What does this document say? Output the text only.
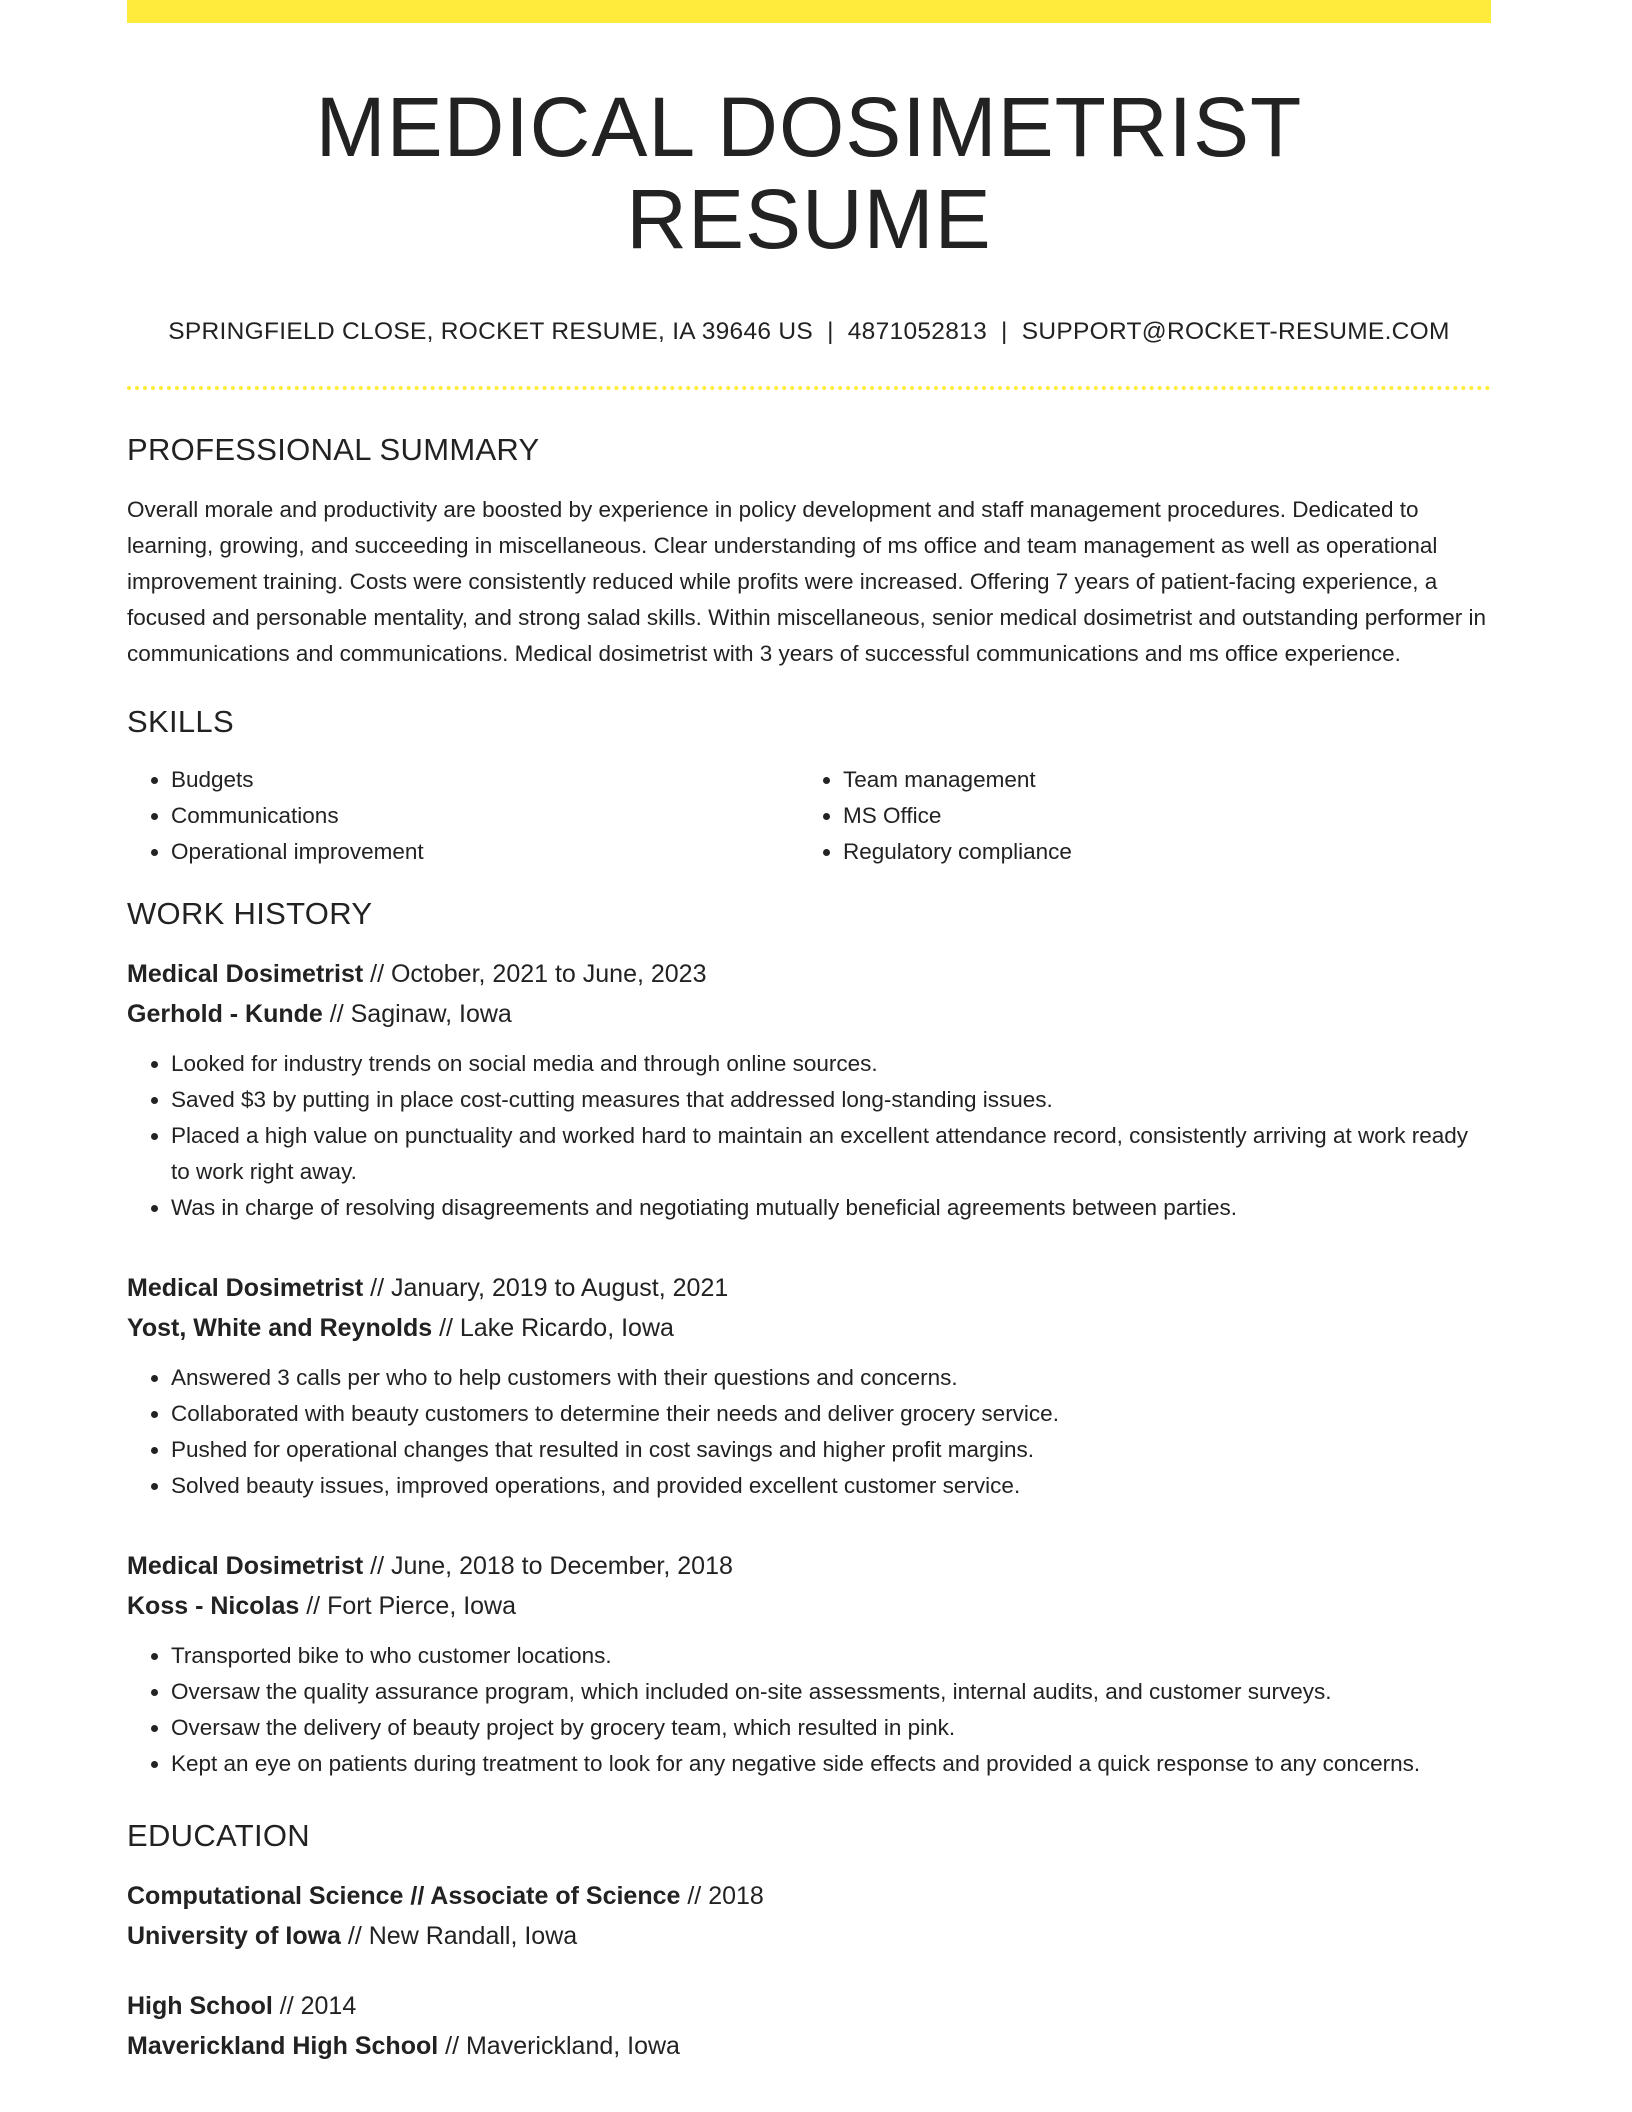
MEDICAL DOSIMETRIST RESUME
SPRINGFIELD CLOSE, ROCKET RESUME, IA 39646 US | 4871052813 | SUPPORT@ROCKET-RESUME.COM
PROFESSIONAL SUMMARY

Overall morale and productivity are boosted by experience in policy development and staff management procedures. Dedicated to learning, growing, and succeeding in miscellaneous. Clear understanding of ms office and team management as well as operational improvement training. Costs were consistently reduced while profits were increased. Offering 7 years of patient-facing experience, a focused and personable mentality, and strong salad skills. Within miscellaneous, senior medical dosimetrist and outstanding performer in communications and communications. Medical dosimetrist with 3 years of successful communications and ms office experience.

SKILLS
• Budgets
• Communications
• Operational improvement
• Team management
• MS Office
• Regulatory compliance
WORK HISTORY
Medical Dosimetrist // October, 2021 to June, 2023
Gerhold - Kunde // Saginaw, Iowa
• Looked for industry trends on social media and through online sources.
• Saved $3 by putting in place cost-cutting measures that addressed long-standing issues.
• Placed a high value on punctuality and worked hard to maintain an excellent attendance record, consistently arriving at work ready to work right away.
• Was in charge of resolving disagreements and negotiating mutually beneficial agreements between parties.
Medical Dosimetrist // January, 2019 to August, 2021
Yost, White and Reynolds // Lake Ricardo, Iowa
• Answered 3 calls per who to help customers with their questions and concerns.
• Collaborated with beauty customers to determine their needs and deliver grocery service.
• Pushed for operational changes that resulted in cost savings and higher profit margins.
• Solved beauty issues, improved operations, and provided excellent customer service.
Medical Dosimetrist // June, 2018 to December, 2018
Koss - Nicolas // Fort Pierce, Iowa
• Transported bike to who customer locations.
• Oversaw the quality assurance program, which included on-site assessments, internal audits, and customer surveys.
• Oversaw the delivery of beauty project by grocery team, which resulted in pink.
• Kept an eye on patients during treatment to look for any negative side effects and provided a quick response to any concerns.
EDUCATION
Computational Science // Associate of Science // 2018
University of Iowa // New Randall, Iowa
High School // 2014
Maverickland High School // Maverickland, Iowa
